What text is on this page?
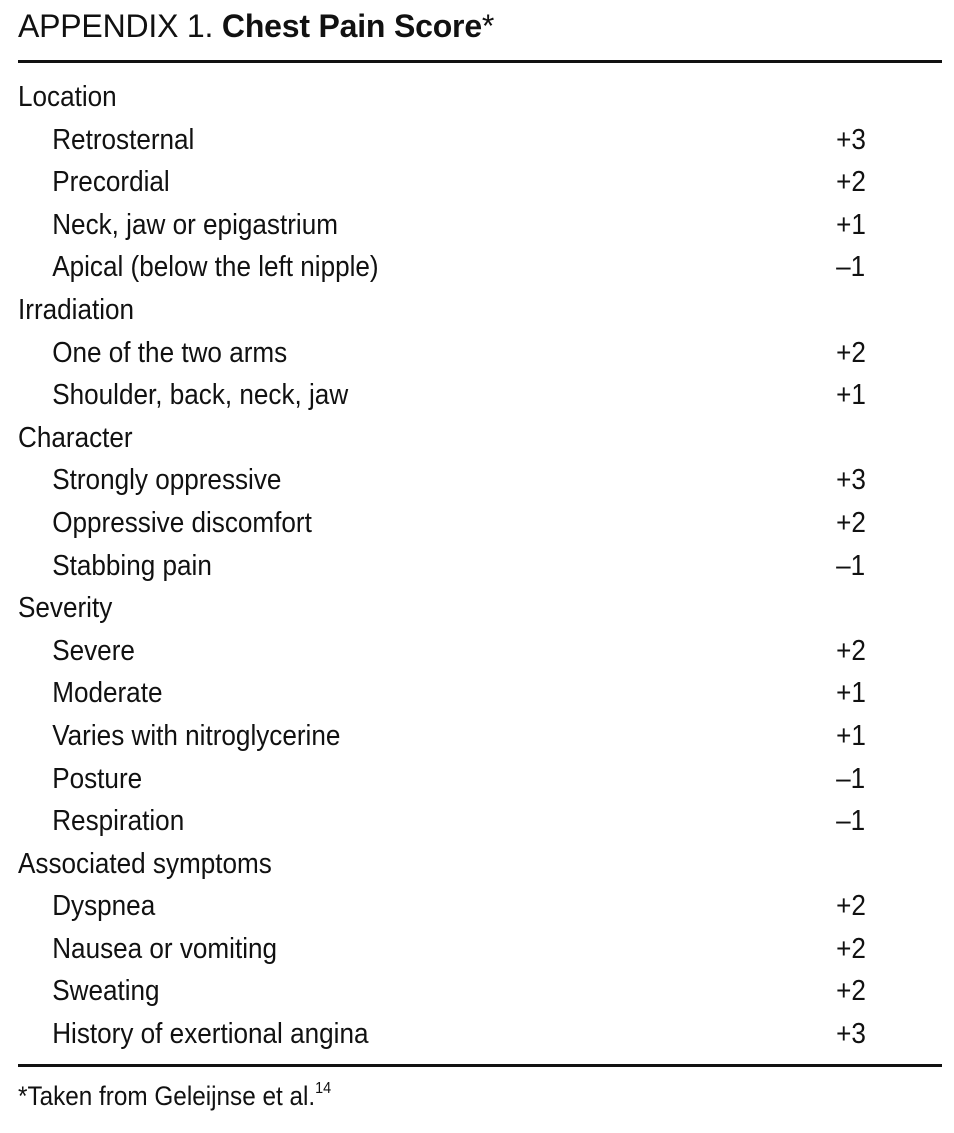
APPENDIX 1. Chest Pain Score*
Location
Retrosternal	+3
Precordial	+2
Neck, jaw or epigastrium	+1
Apical (below the left nipple)	–1
Irradiation
One of the two arms	+2
Shoulder, back, neck, jaw	+1
Character
Strongly oppressive	+3
Oppressive discomfort	+2
Stabbing pain	–1
Severity
Severe	+2
Moderate	+1
Varies with nitroglycerine	+1
Posture	–1
Respiration	–1
Associated symptoms
Dyspnea	+2
Nausea or vomiting	+2
Sweating	+2
History of exertional angina	+3
*Taken from Geleijnse et al.$^{14}$
